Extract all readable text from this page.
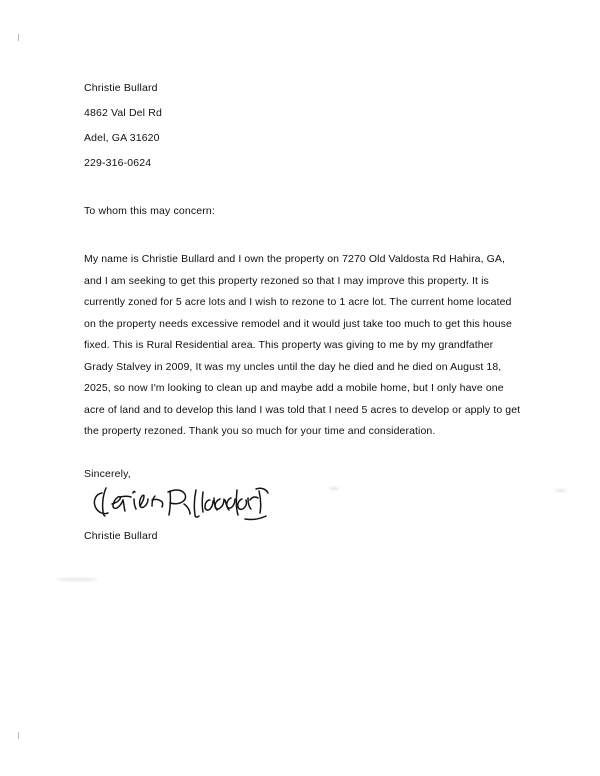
Christie Bullard
4862 Val Del Rd
Adel, GA 31620
229-316-0624
To whom this may concern:
My name is Christie Bullard and I own the property on 7270 Old Valdosta Rd Hahira, GA, and I am seeking to get this property rezoned so that I may improve this property. It is currently zoned for 5 acre lots and I wish to rezone to 1 acre lot. The current home located on the property needs excessive remodel and it would just take too much to get this house fixed. This is Rural Residential area. This property was giving to me by my grandfather Grady Stalvey in 2009, It was my uncles until the day he died and he died on August 18, 2025, so now I'm looking to clean up and maybe add a mobile home, but I only have one acre of land and to develop this land I was told that I need 5 acres to develop or apply to get the property rezoned. Thank you so much for your time and consideration.
Sincerely,
Christie Bullard
